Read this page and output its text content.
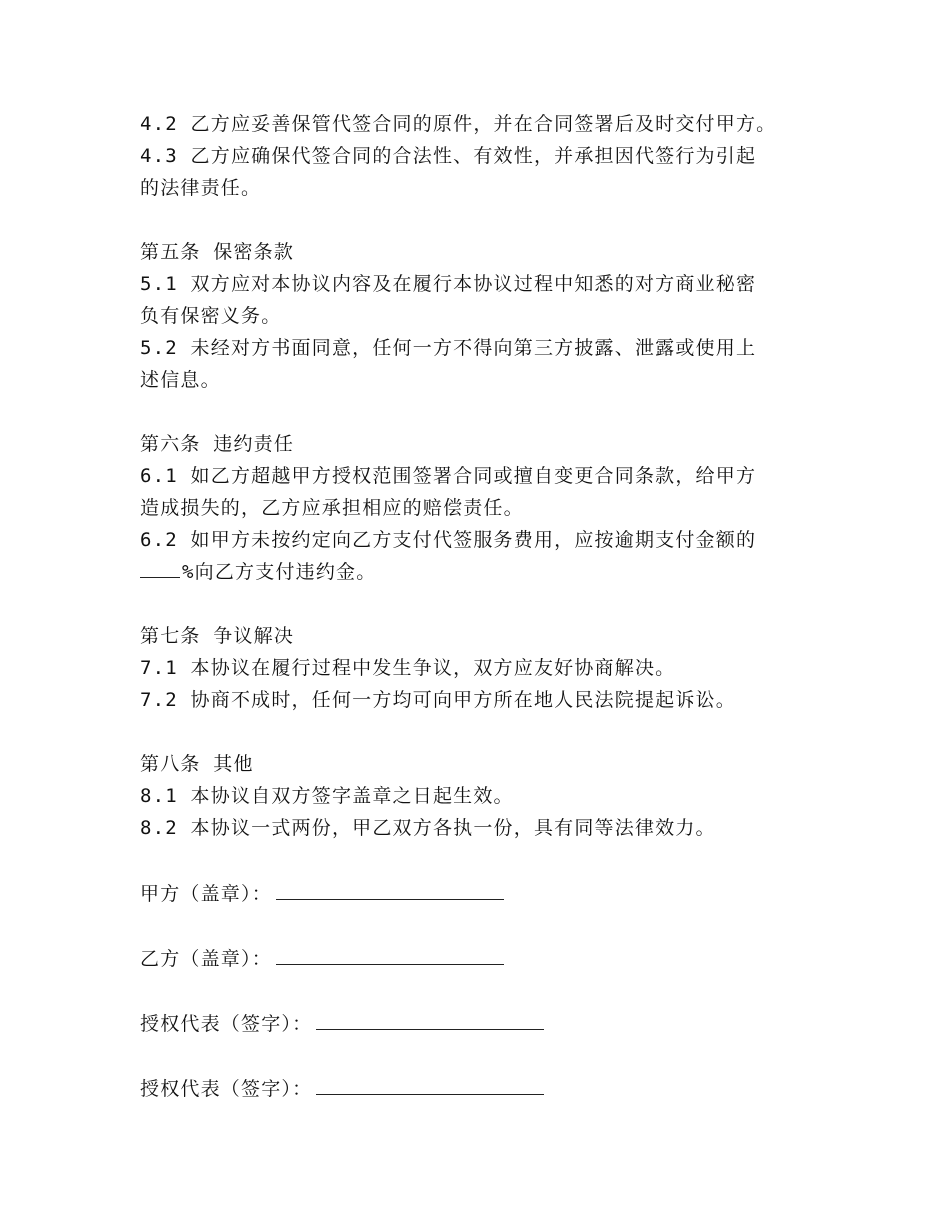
4.2 乙方应妥善保管代签合同的原件，并在合同签署后及时交付甲方。
4.3 乙方应确保代签合同的合法性、有效性，并承担因代签行为引起
的法律责任。
第五条 保密条款
5.1 双方应对本协议内容及在履行本协议过程中知悉的对方商业秘密
负有保密义务。
5.2 未经对方书面同意，任何一方不得向第三方披露、泄露或使用上
述信息。
第六条 违约责任
6.1 如乙方超越甲方授权范围签署合同或擅自变更合同条款，给甲方
造成损失的，乙方应承担相应的赔偿责任。
6.2 如甲方未按约定向乙方支付代签服务费用，应按逾期支付金额的
%向乙方支付违约金。
第七条 争议解决
7.1 本协议在履行过程中发生争议，双方应友好协商解决。
7.2 协商不成时，任何一方均可向甲方所在地人民法院提起诉讼。
第八条 其他
8.1 本协议自双方签字盖章之日起生效。
8.2 本协议一式两份，甲乙双方各执一份，具有同等法律效力。
甲方（盖章）：
乙方（盖章）：
授权代表（签字）：
授权代表（签字）：
